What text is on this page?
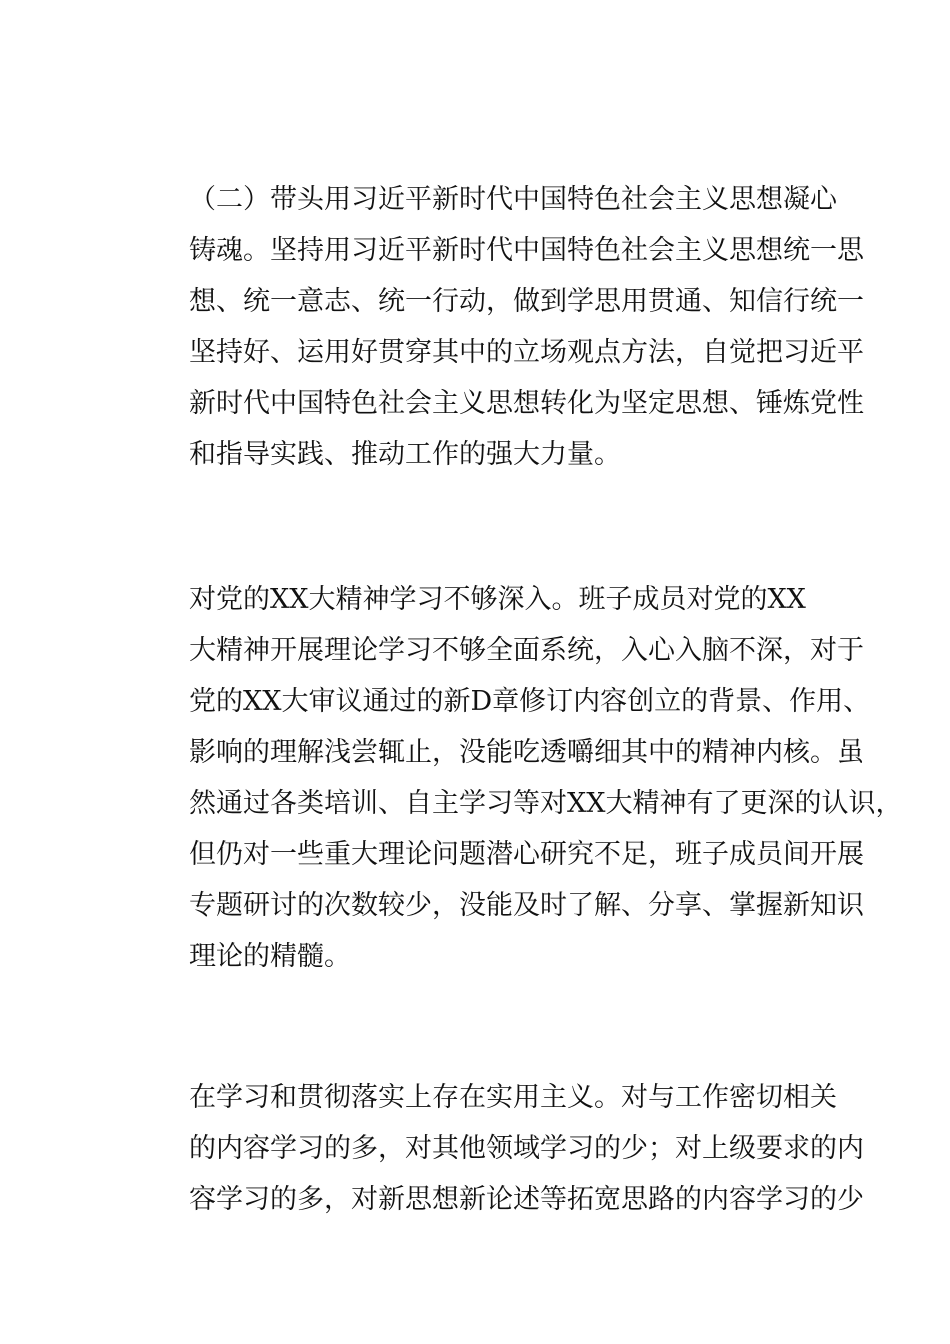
（二）带头用习近平新时代中国特色社会主义思想凝心
铸魂。坚持用习近平新时代中国特色社会主义思想统一思
想、统一意志、统一行动，做到学思用贯通、知信行统一
坚持好、运用好贯穿其中的立场观点方法，自觉把习近平
新时代中国特色社会主义思想转化为坚定思想、锤炼党性
和指导实践、推动工作的强大力量。

对党的XX大精神学习不够深入。班子成员对党的XX
大精神开展理论学习不够全面系统，入心入脑不深，对于
党的XX大审议通过的新D章修订内容创立的背景、作用、
影响的理解浅尝辄止，没能吃透嚼细其中的精神内核。虽
然通过各类培训、自主学习等对XX大精神有了更深的认识，
但仍对一些重大理论问题潜心研究不足，班子成员间开展
专题研讨的次数较少，没能及时了解、分享、掌握新知识
理论的精髓。

在学习和贯彻落实上存在实用主义。对与工作密切相关
的内容学习的多，对其他领域学习的少；对上级要求的内
容学习的多，对新思想新论述等拓宽思路的内容学习的少
